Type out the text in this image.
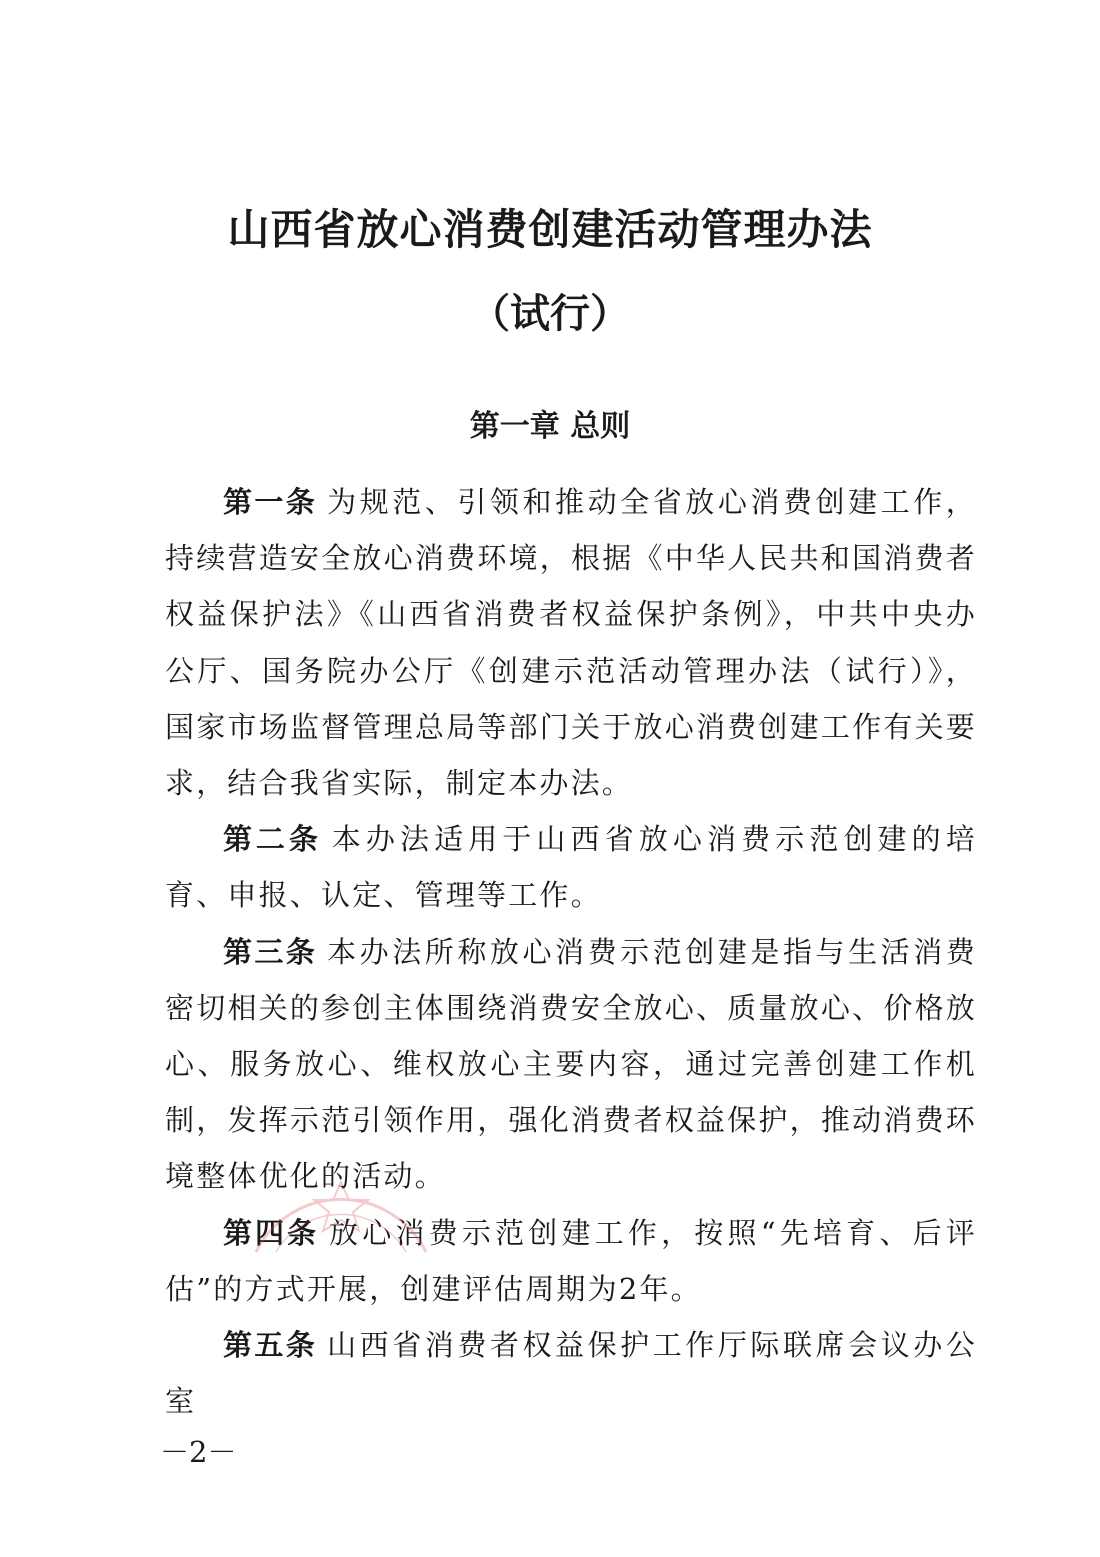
山西省放心消费创建活动管理办法
（试行）
第一章 总则

第一条 为规范、引领和推动全省放心消费创建工作，持续营造安全放心消费环境，根据《中华人民共和国消费者权益保护法》《山西省消费者权益保护条例》，中共中央办公厅、国务院办公厅《创建示范活动管理办法（试行）》，国家市场监督管理总局等部门关于放心消费创建工作有关要求，结合我省实际，制定本办法。

第二条 本办法适用于山西省放心消费示范创建的培育、申报、认定、管理等工作。

第三条 本办法所称放心消费示范创建是指与生活消费密切相关的参创主体围绕消费安全放心、质量放心、价格放心、服务放心、维权放心主要内容，通过完善创建工作机制，发挥示范引领作用，强化消费者权益保护，推动消费环境整体优化的活动。

第四条 放心消费示范创建工作，按照“先培育、后评估”的方式开展，创建评估周期为2年。

第五条 山西省消费者权益保护工作厅际联席会议办公室

－2－
